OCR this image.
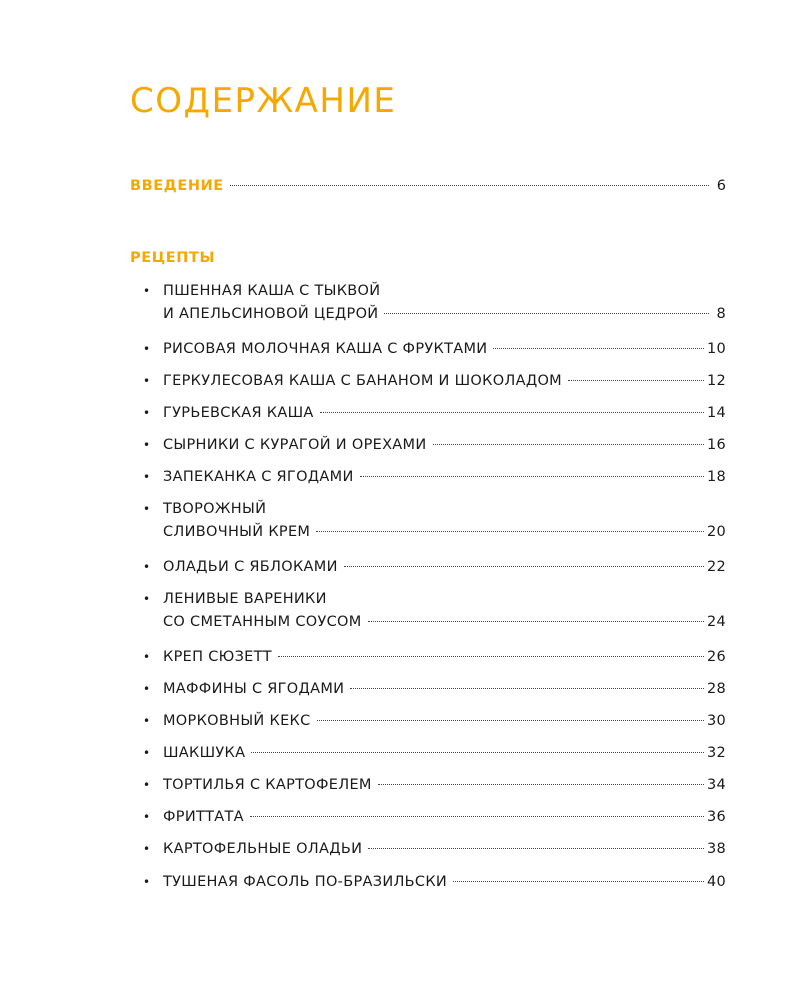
СОДЕРЖАНИЕ
ВВЕДЕНИЕ	6
РЕЦЕПТЫ
• ПШЕННАЯ КАША С ТЫКВОЙ
И АПЕЛЬСИНОВОЙ ЦЕДРОЙ	8
• РИСОВАЯ МОЛОЧНАЯ КАША С ФРУКТАМИ	10
• ГЕРКУЛЕСОВАЯ КАША С БАНАНОМ И ШОКОЛАДОМ	12
• ГУРЬЕВСКАЯ КАША	14
• СЫРНИКИ С КУРАГОЙ И ОРЕХАМИ	16
• ЗАПЕКАНКА С ЯГОДАМИ	18
• ТВОРОЖНЫЙ
СЛИВОЧНЫЙ КРЕМ	20
• ОЛАДЬИ С ЯБЛОКАМИ	22
• ЛЕНИВЫЕ ВАРЕНИКИ
СО СМЕТАННЫМ СОУСОМ	24
• КРЕП СЮЗЕТТ	26
• МАФФИНЫ С ЯГОДАМИ	28
• МОРКОВНЫЙ КЕКС	30
• ШАКШУКА	32
• ТОРТИЛЬЯ С КАРТОФЕЛЕМ	34
• ФРИТТАТА	36
• КАРТОФЕЛЬНЫЕ ОЛАДЬИ	38
• ТУШЕНАЯ ФАСОЛЬ ПО-БРАЗИЛЬСКИ	40
